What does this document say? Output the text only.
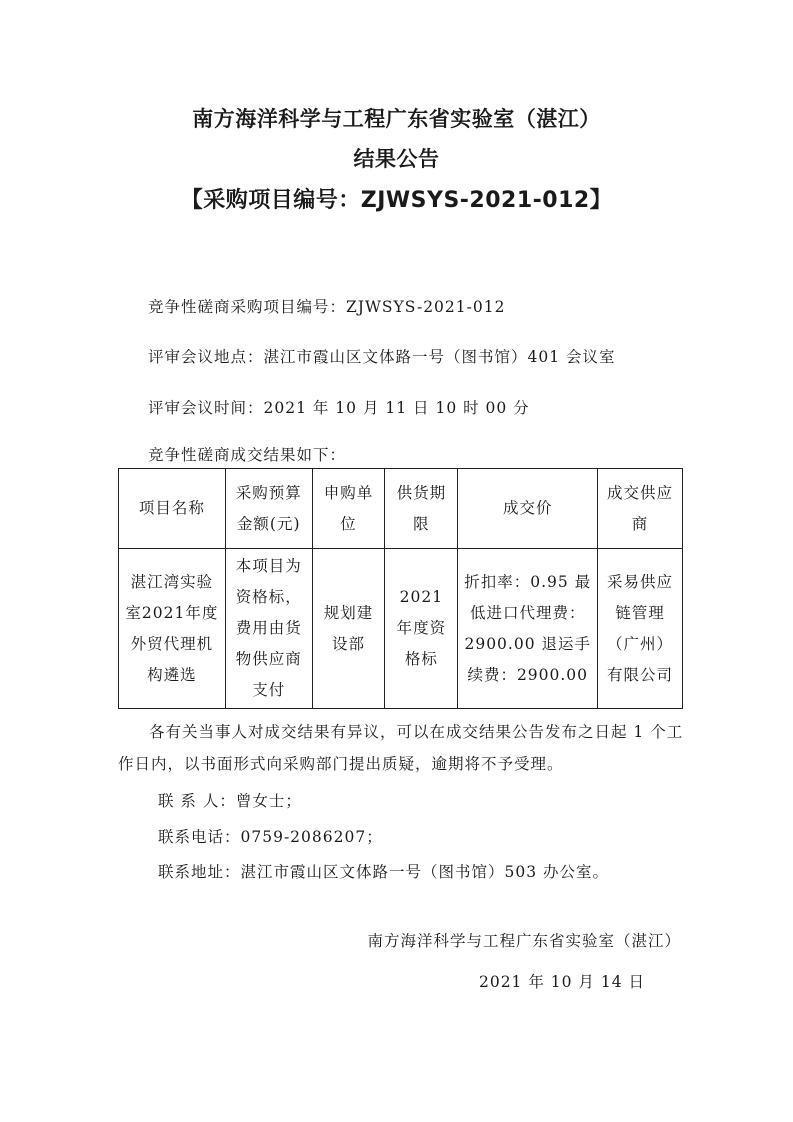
南方海洋科学与工程广东省实验室（湛江）
结果公告
【采购项目编号：ZJWSYS-2021-012】
竞争性磋商采购项目编号：ZJWSYS-2021-012
评审会议地点：湛江市霞山区文体路一号（图书馆）401 会议室
评审会议时间：2021 年 10 月 11 日 10 时 00 分
竞争性磋商成交结果如下：
项目名称	采购预算金额(元)	申购单位	供货期限	成交价	成交供应商
湛江湾实验室2021年度外贸代理机构遴选	本项目为资格标，费用由货物供应商支付	规划建设部	2021 年度资格标	折扣率：0.95 最低进口代理费：2900.00 退运手续费：2900.00	采易供应链管理（广州）有限公司
各有关当事人对成交结果有异议，可以在成交结果公告发布之日起 1 个工作日内，以书面形式向采购部门提出质疑，逾期将不予受理。
联 系 人：曾女士；
联系电话：0759-2086207；
联系地址：湛江市霞山区文体路一号（图书馆）503 办公室。
南方海洋科学与工程广东省实验室（湛江）
2021 年 10 月 14 日
